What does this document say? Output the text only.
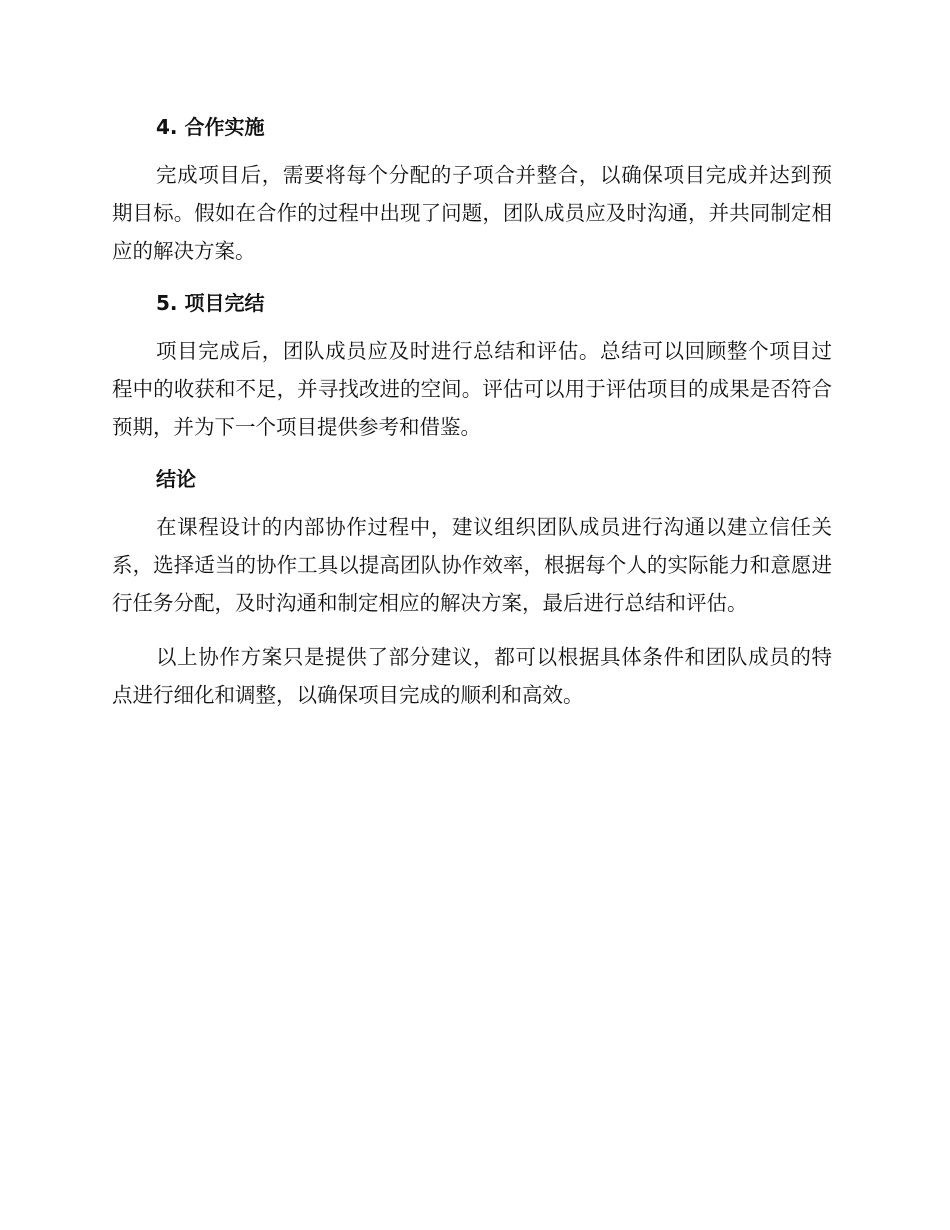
4. 合作实施

完成项目后，需要将每个分配的子项合并整合，以确保项目完成并达到预期目标。假如在合作的过程中出现了问题，团队成员应及时沟通，并共同制定相应的解决方案。

5. 项目完结

项目完成后，团队成员应及时进行总结和评估。总结可以回顾整个项目过程中的收获和不足，并寻找改进的空间。评估可以用于评估项目的成果是否符合预期，并为下一个项目提供参考和借鉴。

结论

在课程设计的内部协作过程中，建议组织团队成员进行沟通以建立信任关系，选择适当的协作工具以提高团队协作效率，根据每个人的实际能力和意愿进行任务分配，及时沟通和制定相应的解决方案，最后进行总结和评估。

以上协作方案只是提供了部分建议，都可以根据具体条件和团队成员的特点进行细化和调整，以确保项目完成的顺利和高效。
